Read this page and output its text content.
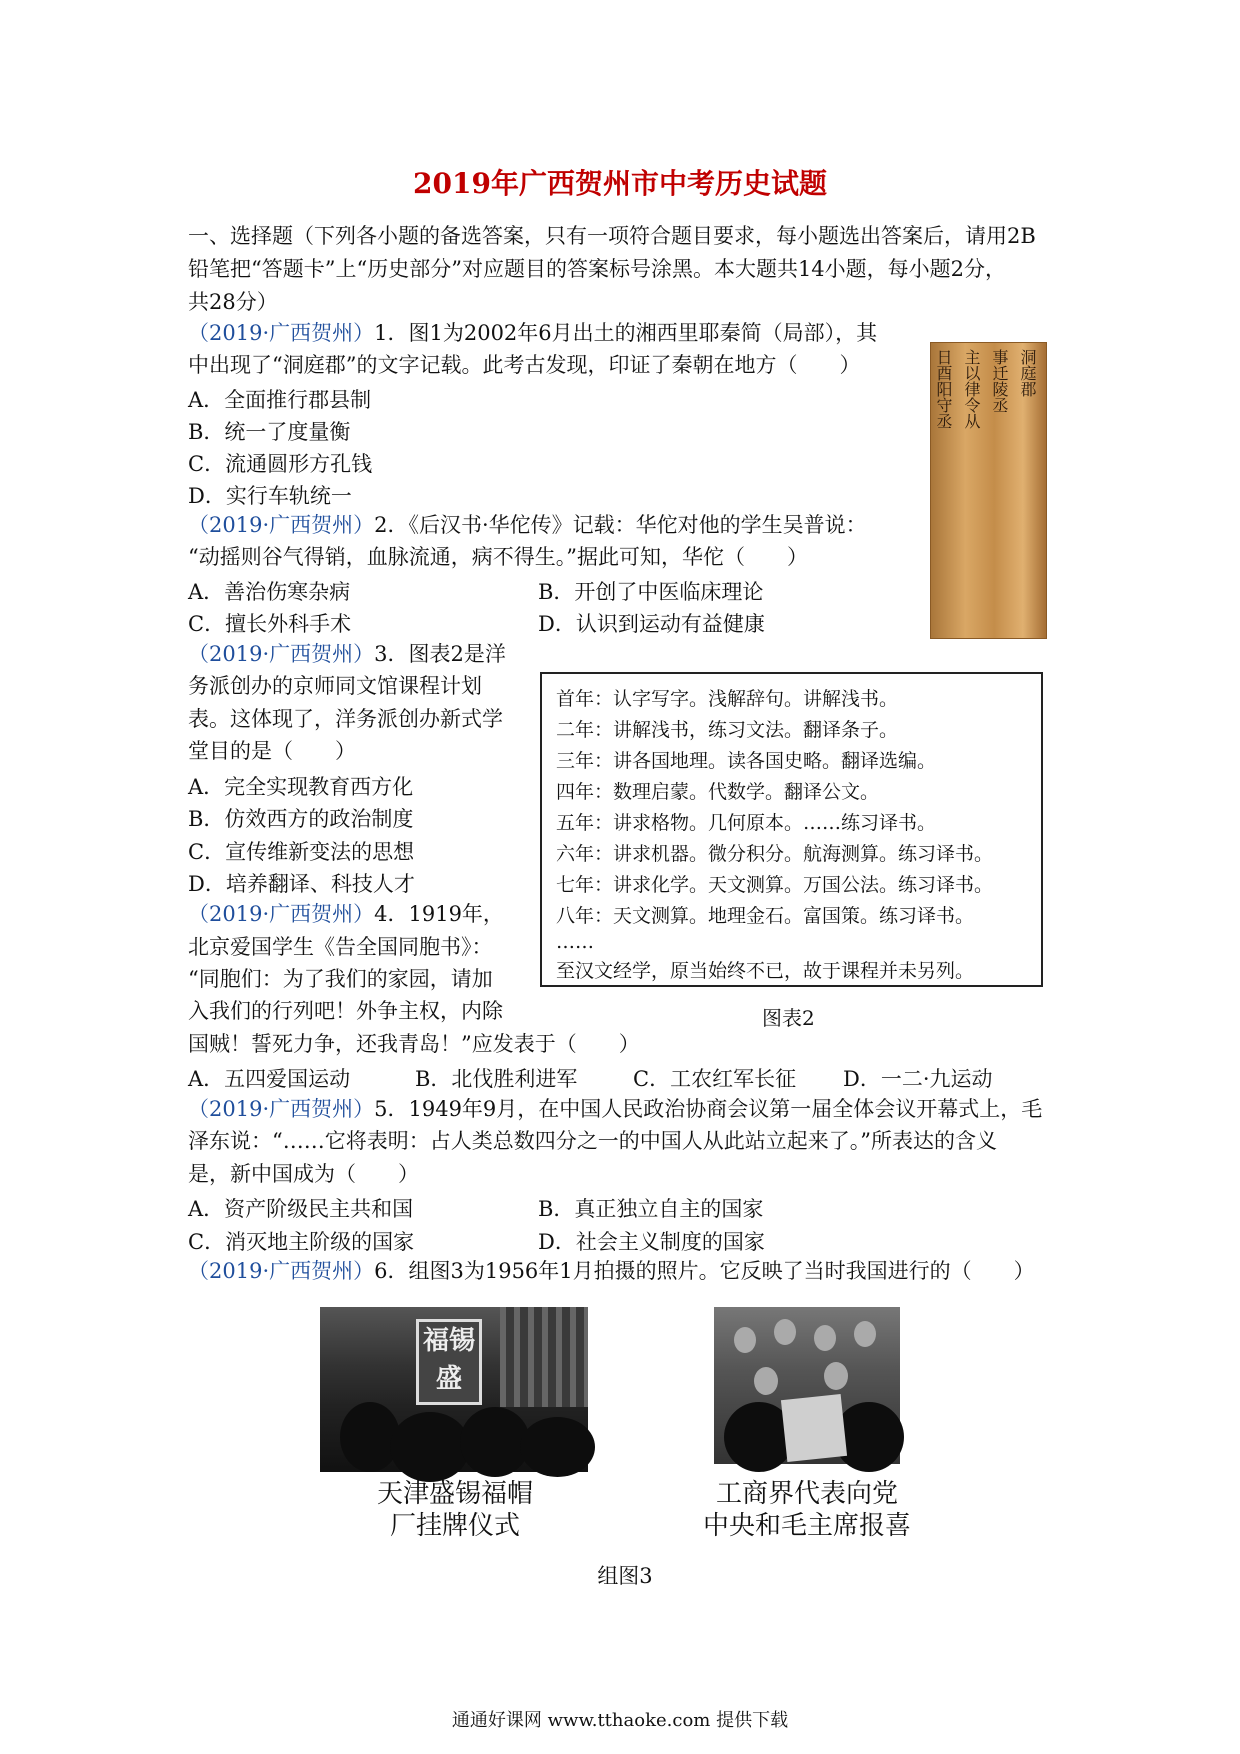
2019年广西贺州市中考历史试题
一、选择题（下列各小题的备选答案，只有一项符合题目要求，每小题选出答案后，请用2B
铅笔把“答题卡”上“历史部分”对应题目的答案标号涂黑。本大题共14小题，每小题2分，
共28分）
（2019·广西贺州）1．图1为2002年6月出土的湘西里耶秦简（局部），其
中出现了“洞庭郡”的文字记载。此考古发现，印证了秦朝在地方（　　）
A．全面推行郡县制
B．统一了度量衡
C．流通圆形方孔钱
D．实行车轨统一
日酉阳守丞 主以律令从 事迁陵丞 洞庭郡
（2019·广西贺州）2．《后汉书·华佗传》记载：华佗对他的学生吴普说：
“动摇则谷气得销，血脉流通，病不得生。”据此可知，华佗（　　）
A．善治伤寒杂病	B．开创了中医临床理论
C．擅长外科手术	D．认识到运动有益健康
（2019·广西贺州）3．图表2是洋
务派创办的京师同文馆课程计划
表。这体现了，洋务派创办新式学
堂目的是（　　）
A．完全实现教育西方化
B．仿效西方的政治制度
C．宣传维新变法的思想
D．培养翻译、科技人才
首年：认字写字。浅解辞句。讲解浅书。
二年：讲解浅书，练习文法。翻译条子。
三年：讲各国地理。读各国史略。翻译选编。
四年：数理启蒙。代数学。翻译公文。
五年：讲求格物。几何原本。……练习译书。
六年：讲求机器。微分积分。航海测算。练习译书。
七年：讲求化学。天文测算。万国公法。练习译书。
八年：天文测算。地理金石。富国策。练习译书。
……
至汉文经学，原当始终不已，故于课程并未另列。
图表2
（2019·广西贺州）4．1919年，
北京爱国学生《告全国同胞书》：
“同胞们：为了我们的家园，请加
入我们的行列吧！外争主权，内除
国贼！誓死力争，还我青岛！”应发表于（　　）
A．五四爱国运动	B．北伐胜利进军	C．工农红军长征 D．一二·九运动
（2019·广西贺州）5．1949年9月，在中国人民政治协商会议第一届全体会议开幕式上，毛
泽东说：“……它将表明：占人类总数四分之一的中国人从此站立起来了。”所表达的含义
是，新中国成为（　　）
A．资产阶级民主共和国	B．真正独立自主的国家
C．消灭地主阶级的国家	D．社会主义制度的国家
（2019·广西贺州）6．组图3为1956年1月拍摄的照片。它反映了当时我国进行的（　　）
福锡盛
天津盛锡福帽
厂挂牌仪式
工商界代表向党
中央和毛主席报喜
组图3
通通好课网 www.tthaoke.com 提供下载
